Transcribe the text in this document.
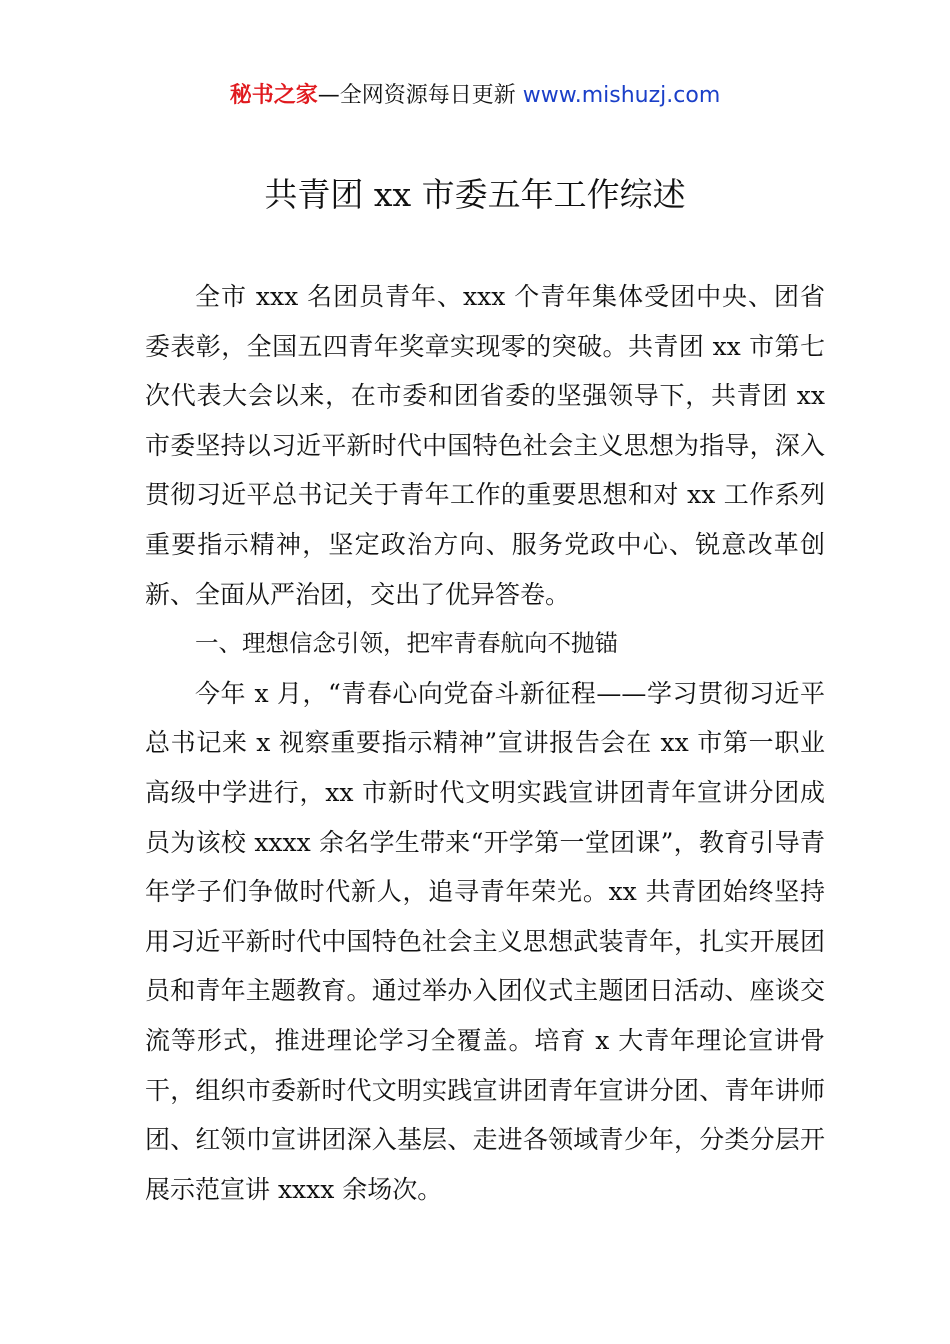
秘书之家—全网资源每日更新 www.mishuzj.com
共青团 xx 市委五年工作综述

全市 xxx 名团员青年、xxx 个青年集体受团中央、团省委表彰，全国五四青年奖章实现零的突破。共青团 xx 市第七次代表大会以来，在市委和团省委的坚强领导下，共青团 xx 市委坚持以习近平新时代中国特色社会主义思想为指导，深入贯彻习近平总书记关于青年工作的重要思想和对 xx 工作系列重要指示精神，坚定政治方向、服务党政中心、锐意改革创新、全面从严治团，交出了优异答卷。

一、理想信念引领，把牢青春航向不抛锚

今年 x 月，“青春心向党奋斗新征程——学习贯彻习近平总书记来 x 视察重要指示精神”宣讲报告会在 xx 市第一职业高级中学进行，xx 市新时代文明实践宣讲团青年宣讲分团成员为该校 xxxx 余名学生带来“开学第一堂团课”，教育引导青年学子们争做时代新人，追寻青年荣光。xx 共青团始终坚持用习近平新时代中国特色社会主义思想武装青年，扎实开展团员和青年主题教育。通过举办入团仪式主题团日活动、座谈交流等形式，推进理论学习全覆盖。培育 x 大青年理论宣讲骨干，组织市委新时代文明实践宣讲团青年宣讲分团、青年讲师团、红领巾宣讲团深入基层、走进各领域青少年，分类分层开展示范宣讲 xxxx 余场次。
